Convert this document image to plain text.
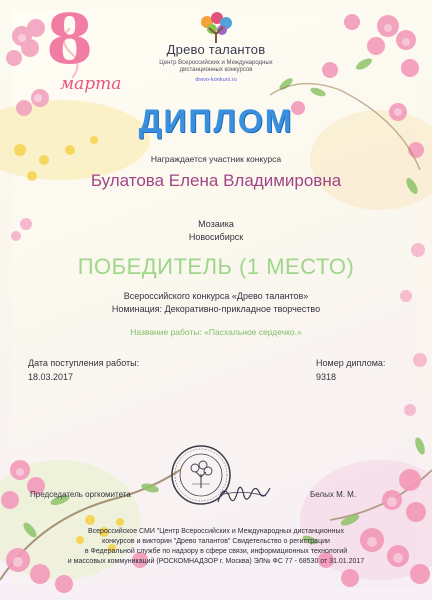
8
марта
Древо талантов
Центр Всероссийских и Международных
дистанционных конкурсов
drevo-konkurs.ru
ДИПЛОМ
Награждается участник конкурса
Булатова Елена Владимировна
Мозаика
Новосибирск
ПОБЕДИТЕЛЬ (1 МЕСТО)
Всероссийского конкурса «Древо талантов»
Номинация: Декоративно-прикладное творчество
Название работы: «Пасхальное сердечко.»
Дата поступления работы:
18.03.2017
Номер диплома:
9318
Председатель оргкомитета	Белых М. М.
Всероссийское СМИ "Центр Всероссийских и Международных дистанционных
конкурсов и викторин "Древо талантов" Свидетельство о регистрации
в Федеральной службе по надзору в сфере связи, информационных технологий
и массовых коммуникаций (РОСКОМНАДЗОР г. Москва) ЭЛ№ ФС 77 - 68530 от 31.01.2017
